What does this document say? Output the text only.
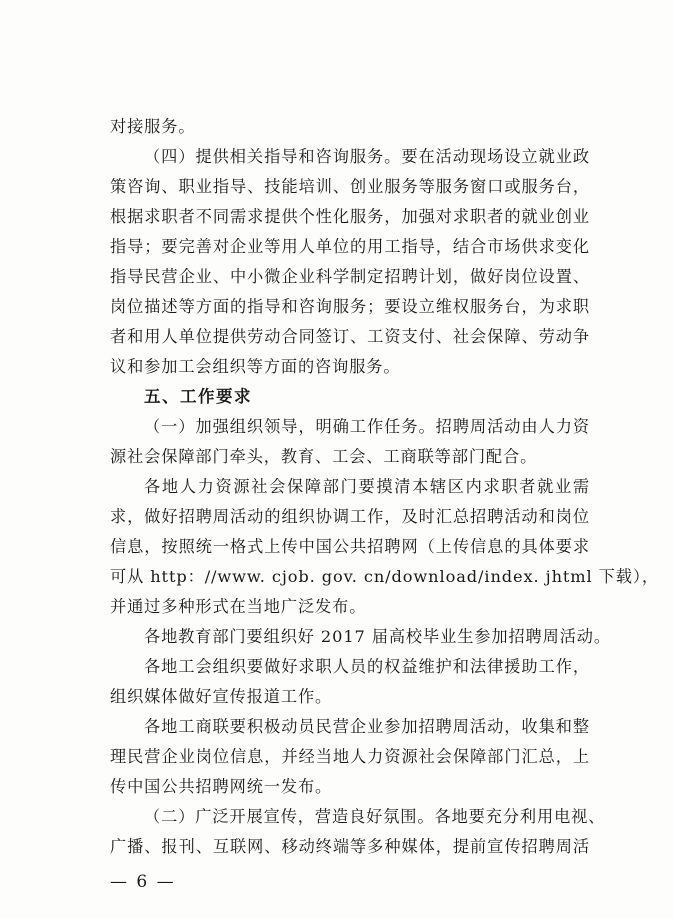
对接服务。
（四）提供相关指导和咨询服务。要在活动现场设立就业政
策咨询、职业指导、技能培训、创业服务等服务窗口或服务台，
根据求职者不同需求提供个性化服务，加强对求职者的就业创业
指导；要完善对企业等用人单位的用工指导，结合市场供求变化
指导民营企业、中小微企业科学制定招聘计划，做好岗位设置、
岗位描述等方面的指导和咨询服务；要设立维权服务台，为求职
者和用人单位提供劳动合同签订、工资支付、社会保障、劳动争
议和参加工会组织等方面的咨询服务。
五、工作要求
（一）加强组织领导，明确工作任务。招聘周活动由人力资
源社会保障部门牵头，教育、工会、工商联等部门配合。
各地人力资源社会保障部门要摸清本辖区内求职者就业需
求，做好招聘周活动的组织协调工作，及时汇总招聘活动和岗位
信息，按照统一格式上传中国公共招聘网（上传信息的具体要求
可从 http：//www. cjob. gov. cn/download/index. jhtml 下载），
并通过多种形式在当地广泛发布。
各地教育部门要组织好 2017 届高校毕业生参加招聘周活动。
各地工会组织要做好求职人员的权益维护和法律援助工作，
组织媒体做好宣传报道工作。
各地工商联要积极动员民营企业参加招聘周活动，收集和整
理民营企业岗位信息，并经当地人力资源社会保障部门汇总，上
传中国公共招聘网统一发布。
（二）广泛开展宣传，营造良好氛围。各地要充分利用电视、
广播、报刊、互联网、移动终端等多种媒体，提前宣传招聘周活
— 6 —
